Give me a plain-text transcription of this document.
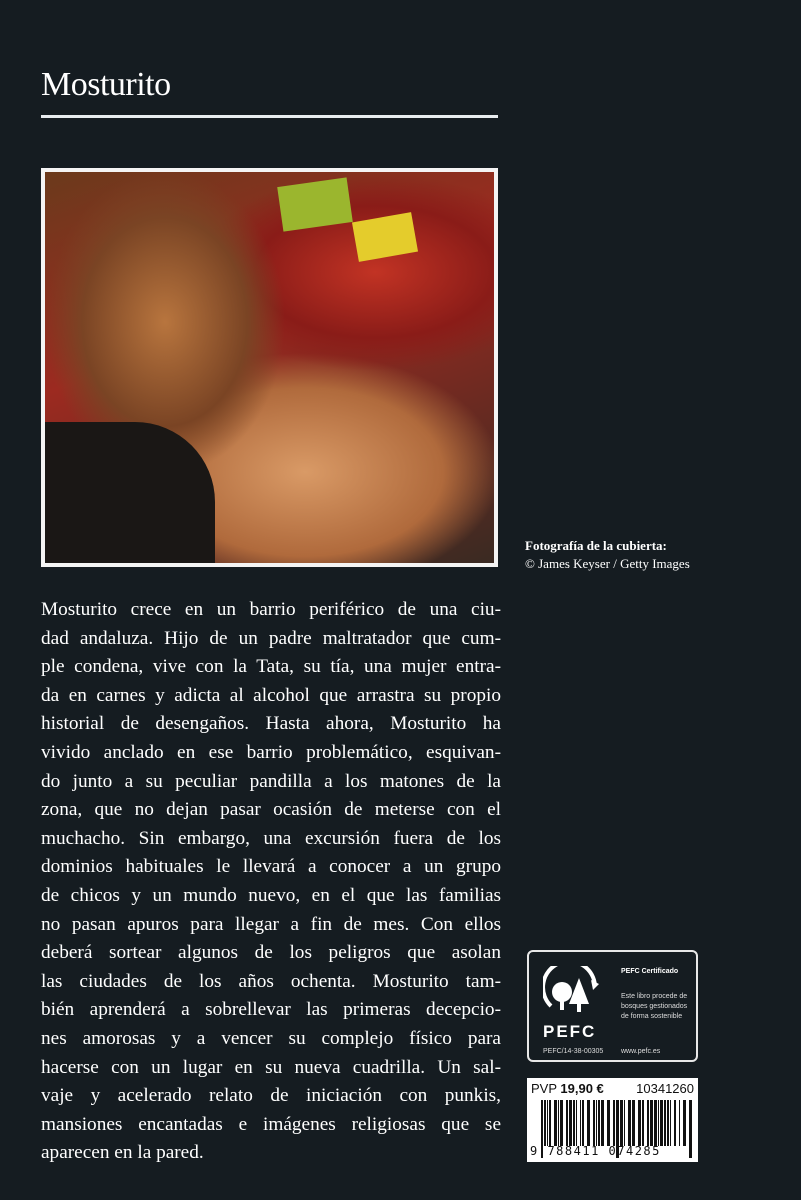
Mosturito
Fotografía de la cubierta:
© James Keyser / Getty Images
Mosturito crece en un barrio periférico de una ciu-
dad andaluza. Hijo de un padre maltratador que cum-
ple condena, vive con la Tata, su tía, una mujer entra-
da en carnes y adicta al alcohol que arrastra su propio
historial de desengaños. Hasta ahora, Mosturito ha
vivido anclado en ese barrio problemático, esquivan-
do junto a su peculiar pandilla a los matones de la
zona, que no dejan pasar ocasión de meterse con el
muchacho. Sin embargo, una excursión fuera de los
dominios habituales le llevará a conocer a un grupo
de chicos y un mundo nuevo, en el que las familias
no pasan apuros para llegar a fin de mes. Con ellos
deberá sortear algunos de los peligros que asolan
las ciudades de los años ochenta. Mosturito tam-
bién aprenderá a sobrellevar las primeras decepcio-
nes amorosas y a vencer su complejo físico para
hacerse con un lugar en su nueva cuadrilla. Un sal-
vaje y acelerado relato de iniciación con punkis,
mansiones encantadas e imágenes religiosas que se
aparecen en la pared.
PEFC
PEFC/14-38-00305
PEFC Certificado
Este libro procede de
bosques gestionados
de forma sostenible
www.pefc.es
PVP 19,90 € 10341260
9 788411 074285
